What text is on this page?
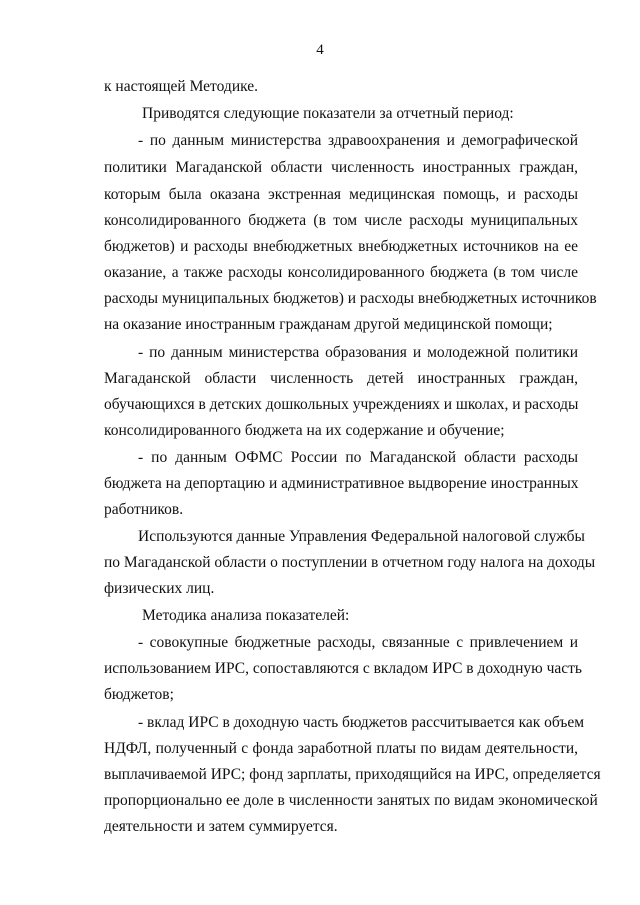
4
к настоящей Методике.
Приводятся следующие показатели за отчетный период:
- по данным министерства здравоохранения и демографической
политики Магаданской области численность иностранных граждан,
которым была оказана экстренная медицинская помощь, и расходы
консолидированного бюджета (в том числе расходы муниципальных
бюджетов) и расходы внебюджетных внебюджетных источников на ее
оказание, а также расходы консолидированного бюджета (в том числе
расходы муниципальных бюджетов) и расходы внебюджетных источников
на оказание иностранным гражданам другой медицинской помощи;
- по данным министерства образования и молодежной политики
Магаданской области численность детей иностранных граждан,
обучающихся в детских дошкольных учреждениях и школах, и расходы
консолидированного бюджета на их содержание и обучение;
- по данным ОФМС России по Магаданской области расходы
бюджета на депортацию и административное выдворение иностранных
работников.
Используются данные Управления Федеральной налоговой службы
по Магаданской области о поступлении в отчетном году налога на доходы
физических лиц.
Методика анализа показателей:
- совокупные бюджетные расходы, связанные с привлечением и
использованием ИРС, сопоставляются с вкладом ИРС в доходную часть
бюджетов;
- вклад ИРС в доходную часть бюджетов рассчитывается как объем
НДФЛ, полученный с фонда заработной платы по видам деятельности,
выплачиваемой ИРС; фонд зарплаты, приходящийся на ИРС, определяется
пропорционально ее доле в численности занятых по видам экономической
деятельности и затем суммируется.
